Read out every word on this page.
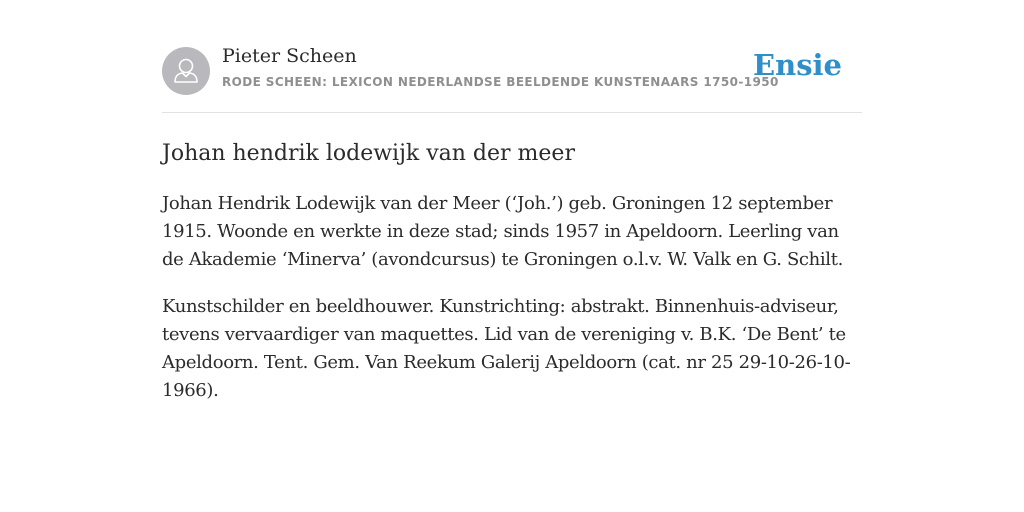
Pieter Scheen
RODE SCHEEN: LEXICON NEDERLANDSE BEELDENDE KUNSTENAARS 1750-1950
Ensie
Johan hendrik lodewijk van der meer

Johan Hendrik Lodewijk van der Meer (‘Joh.’) geb. Groningen 12 september 1915. Woonde en werkte in deze stad; sinds 1957 in Apeldoorn. Leerling van de Akademie ‘Minerva’ (avondcursus) te Groningen o.l.v. W. Valk en G. Schilt.

Kunstschilder en beeldhouwer. Kunstrichting: abstrakt. Binnenhuis-adviseur, tevens vervaardiger van maquettes. Lid van de vereniging v. B.K. ‘De Bent’ te Apeldoorn. Tent. Gem. Van Reekum Galerij Apeldoorn (cat. nr 25 29-10-26-10-1966).
